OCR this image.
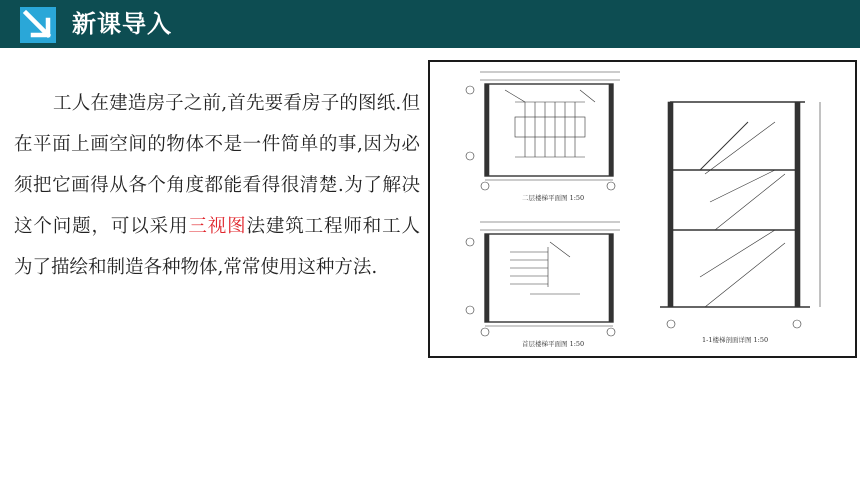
新课导入

工人在建造房子之前,首先要看房子的图纸.但在平面上画空间的物体不是一件简单的事,因为必须把它画得从各个角度都能看得很清楚.为了解决这个问题，可以采用三视图法建筑工程师和工人为了描绘和制造各种物体,常常使用这种方法.

二层楼梯平面图 1:50
首层楼梯平面图 1:50	1-1楼梯剖面详图 1:50
